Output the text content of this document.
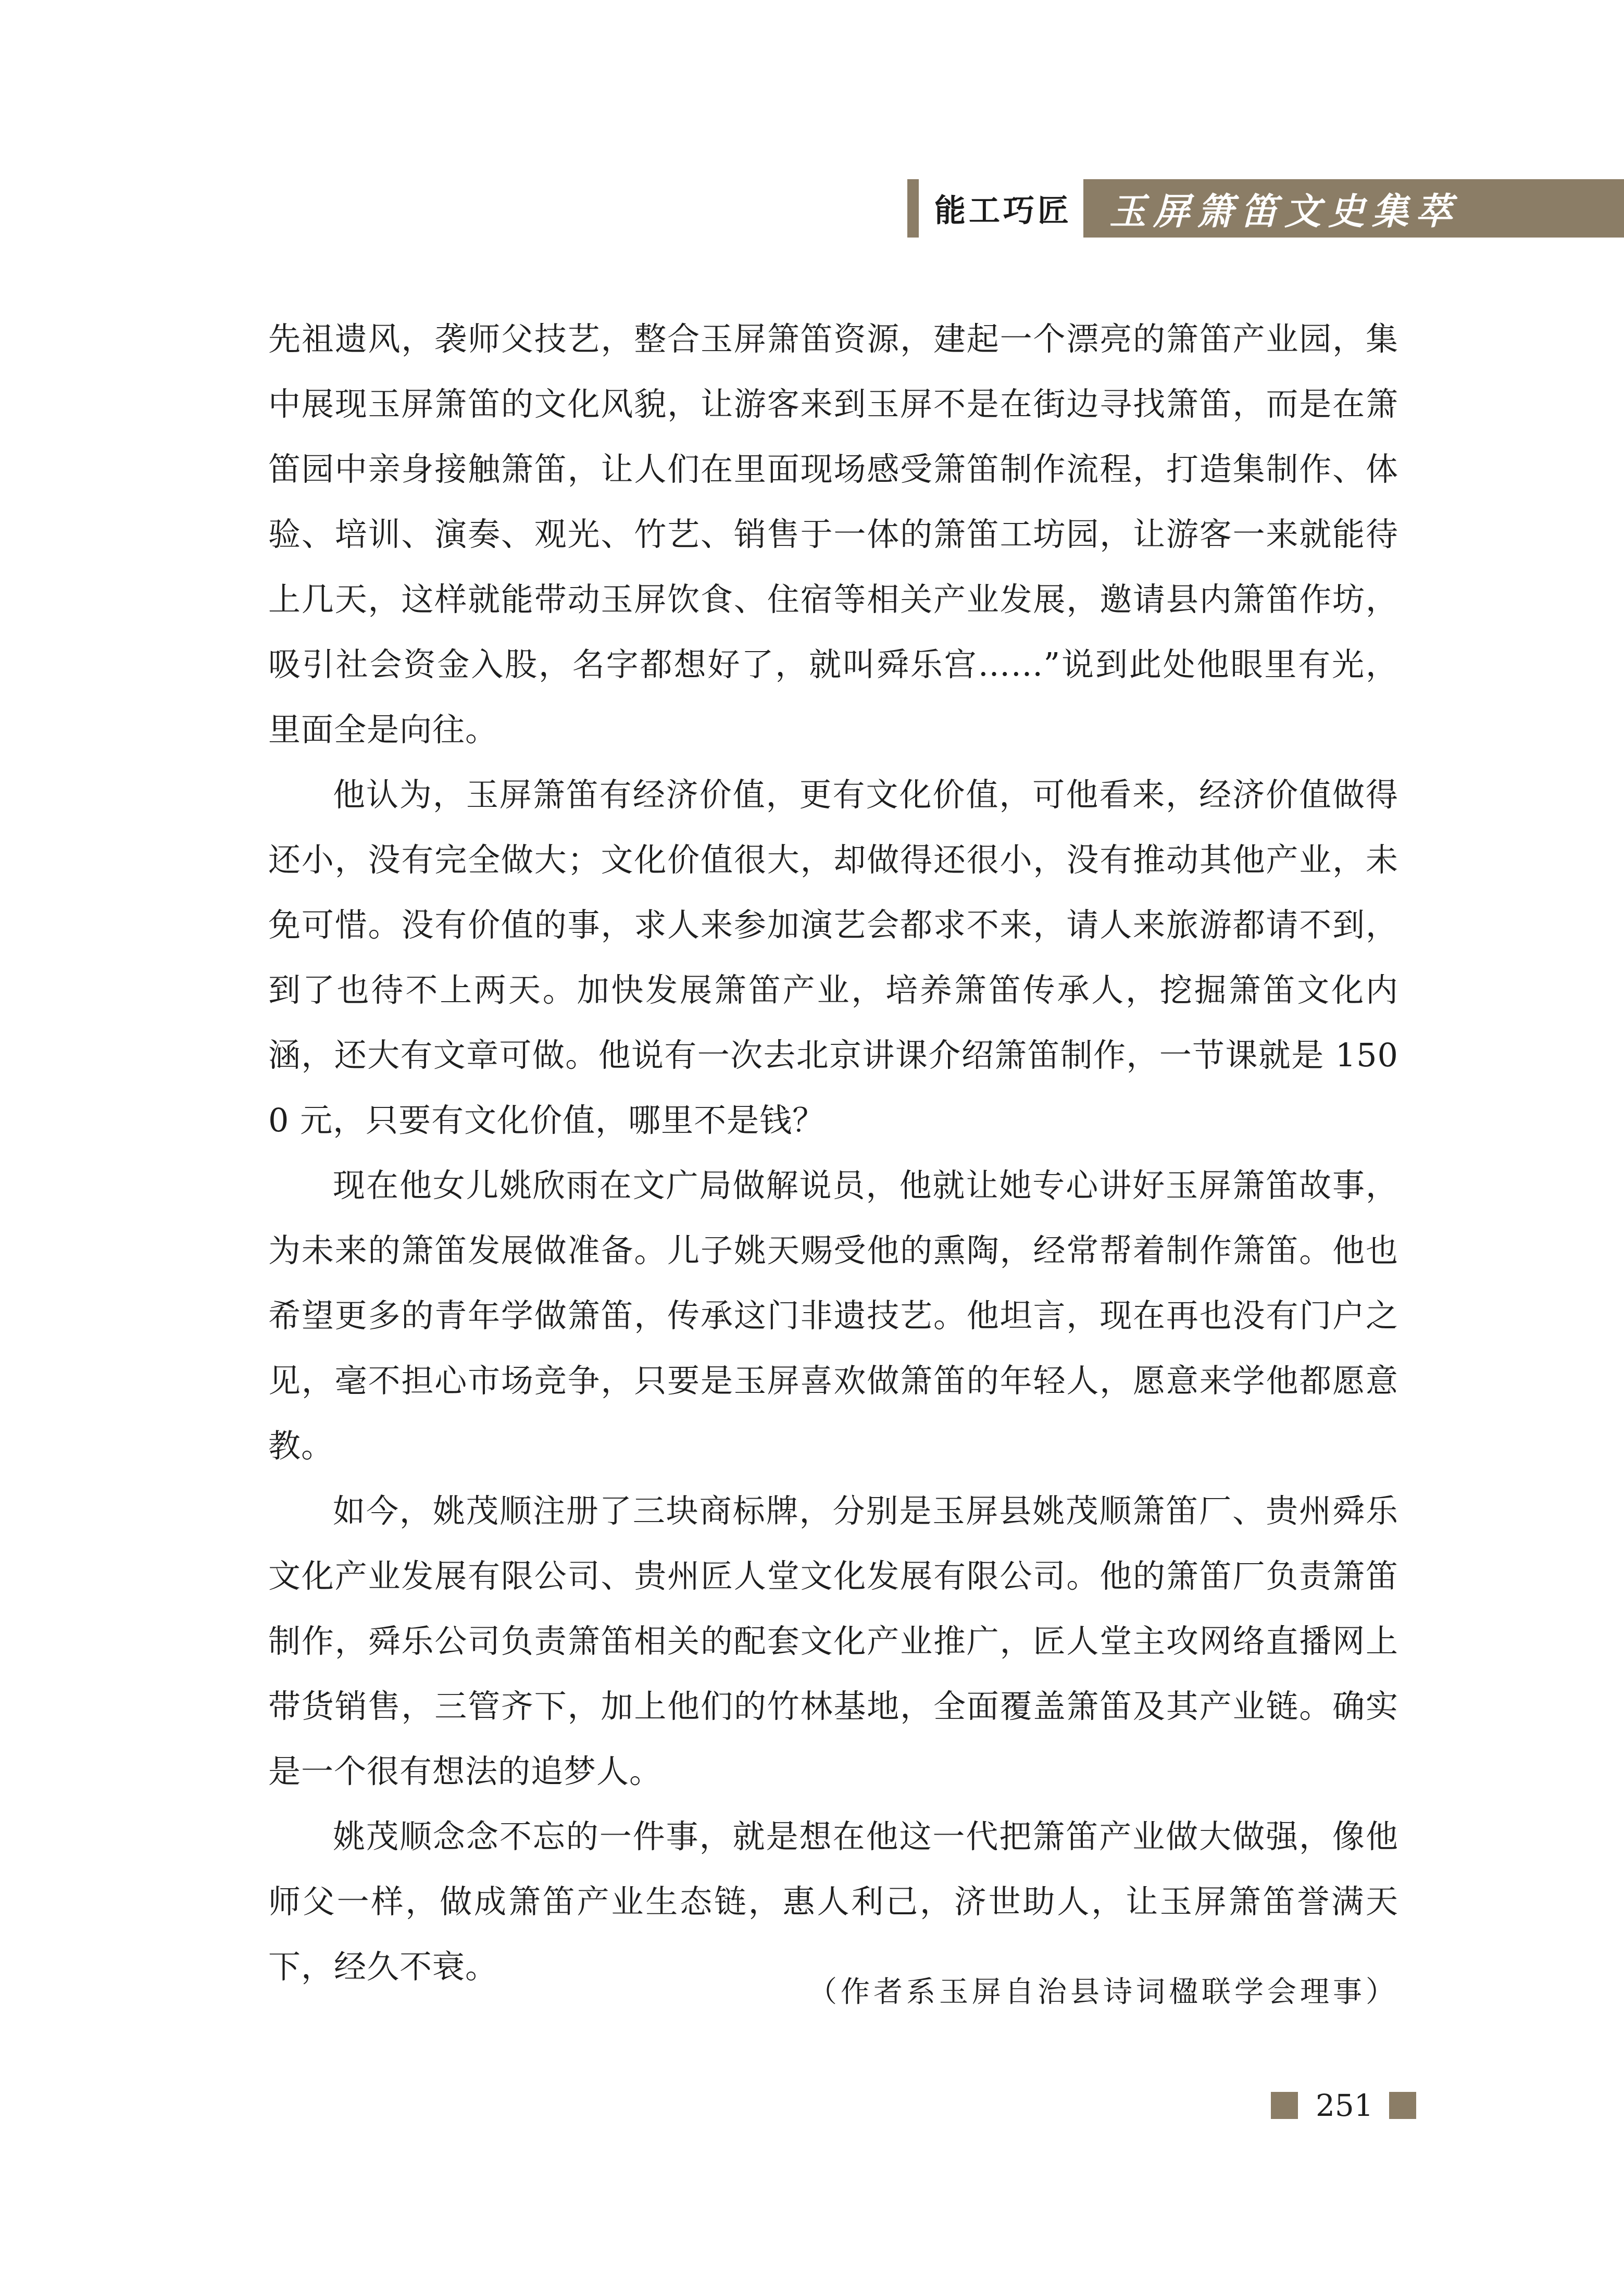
能工巧匠	玉屏箫笛文史集萃

先祖遗风，袭师父技艺，整合玉屏箫笛资源，建起一个漂亮的箫笛产业园，集中展现玉屏箫笛的文化风貌，让游客来到玉屏不是在街边寻找箫笛，而是在箫笛园中亲身接触箫笛，让人们在里面现场感受箫笛制作流程，打造集制作、体验、培训、演奏、观光、竹艺、销售于一体的箫笛工坊园，让游客一来就能待上几天，这样就能带动玉屏饮食、住宿等相关产业发展，邀请县内箫笛作坊，吸引社会资金入股，名字都想好了，就叫舜乐宫……”说到此处他眼里有光，里面全是向往。

他认为，玉屏箫笛有经济价值，更有文化价值，可他看来，经济价值做得还小，没有完全做大；文化价值很大，却做得还很小，没有推动其他产业，未免可惜。没有价值的事，求人来参加演艺会都求不来，请人来旅游都请不到，到了也待不上两天。加快发展箫笛产业，培养箫笛传承人，挖掘箫笛文化内涵，还大有文章可做。他说有一次去北京讲课介绍箫笛制作，一节课就是 1500 元，只要有文化价值，哪里不是钱？

现在他女儿姚欣雨在文广局做解说员，他就让她专心讲好玉屏箫笛故事，为未来的箫笛发展做准备。儿子姚天赐受他的熏陶，经常帮着制作箫笛。他也希望更多的青年学做箫笛，传承这门非遗技艺。他坦言，现在再也没有门户之见，毫不担心市场竞争，只要是玉屏喜欢做箫笛的年轻人，愿意来学他都愿意教。

如今，姚茂顺注册了三块商标牌，分别是玉屏县姚茂顺箫笛厂、贵州舜乐文化产业发展有限公司、贵州匠人堂文化发展有限公司。他的箫笛厂负责箫笛制作，舜乐公司负责箫笛相关的配套文化产业推广，匠人堂主攻网络直播网上带货销售，三管齐下，加上他们的竹林基地，全面覆盖箫笛及其产业链。确实是一个很有想法的追梦人。

姚茂顺念念不忘的一件事，就是想在他这一代把箫笛产业做大做强，像他师父一样，做成箫笛产业生态链，惠人利己，济世助人，让玉屏箫笛誉满天下，经久不衰。

（作者系玉屏自治县诗词楹联学会理事）
251
